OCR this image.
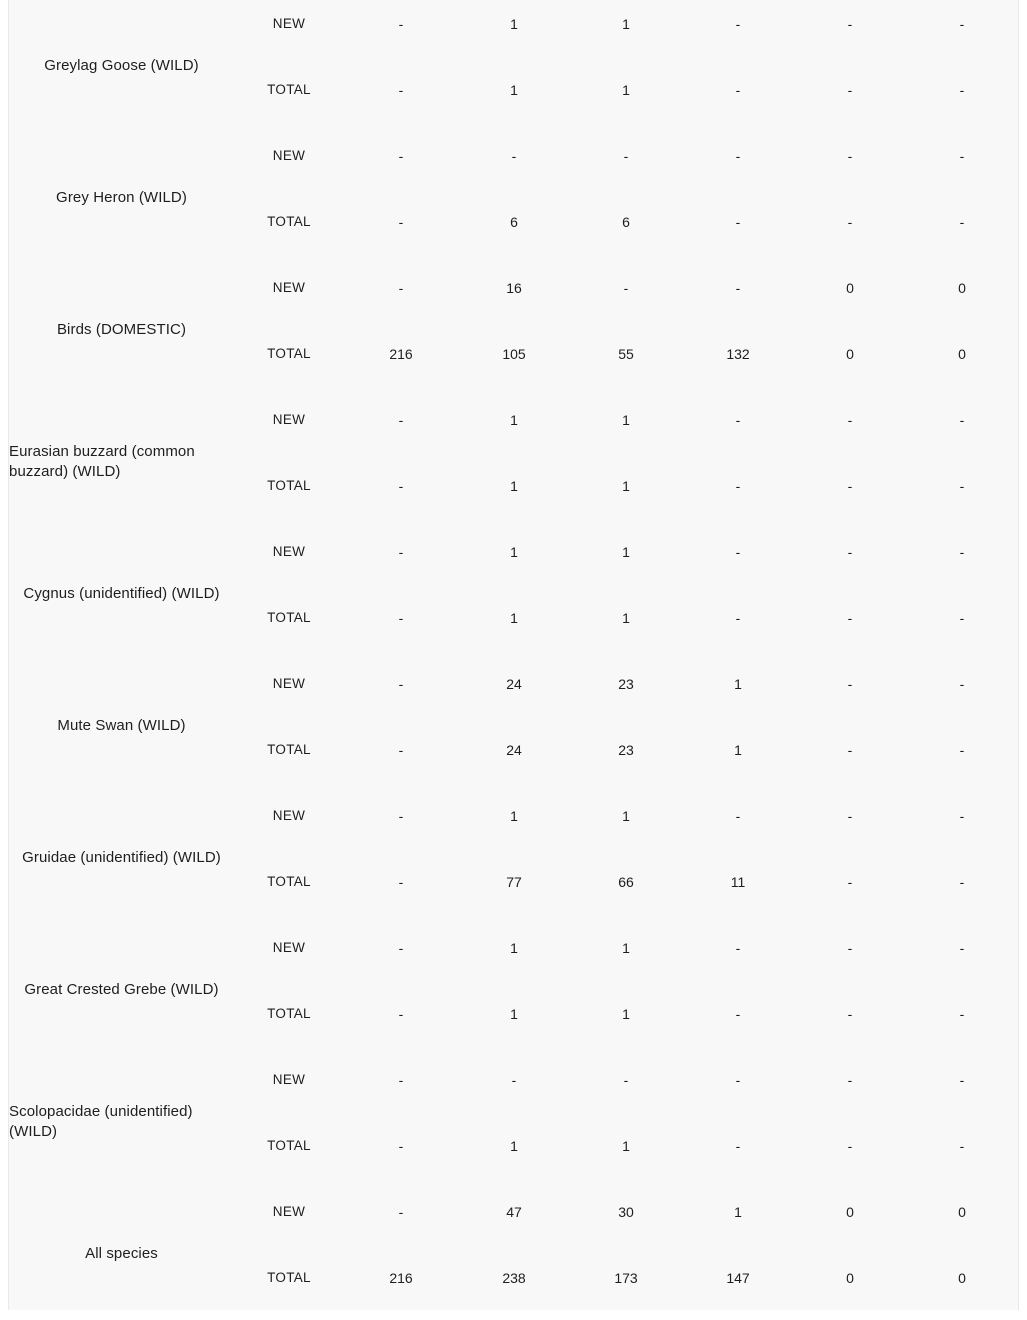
Greylag Goose (WILD)
NEW	-	1	1	-	-	-
TOTAL	-	1	1	-	-	-
Grey Heron (WILD)
NEW	-	-	-	-	-	-
TOTAL	-	6	6	-	-	-
Birds (DOMESTIC)
NEW	-	16	-	-	0	0
TOTAL	216	105	55	132	0	0
Eurasian buzzard (common buzzard) (WILD)
NEW	-	1	1	-	-	-
TOTAL	-	1	1	-	-	-
Cygnus (unidentified) (WILD)
NEW	-	1	1	-	-	-
TOTAL	-	1	1	-	-	-
Mute Swan (WILD)
NEW	-	24	23	1	-	-
TOTAL	-	24	23	1	-	-
Gruidae (unidentified) (WILD)
NEW	-	1	1	-	-	-
TOTAL	-	77	66	11	-	-
Great Crested Grebe (WILD)
NEW	-	1	1	-	-	-
TOTAL	-	1	1	-	-	-
Scolopacidae (unidentified) (WILD)
NEW	-	-	-	-	-	-
TOTAL	-	1	1	-	-	-
All species
NEW	-	47	30	1	0	0
TOTAL	216	238	173	147	0	0
